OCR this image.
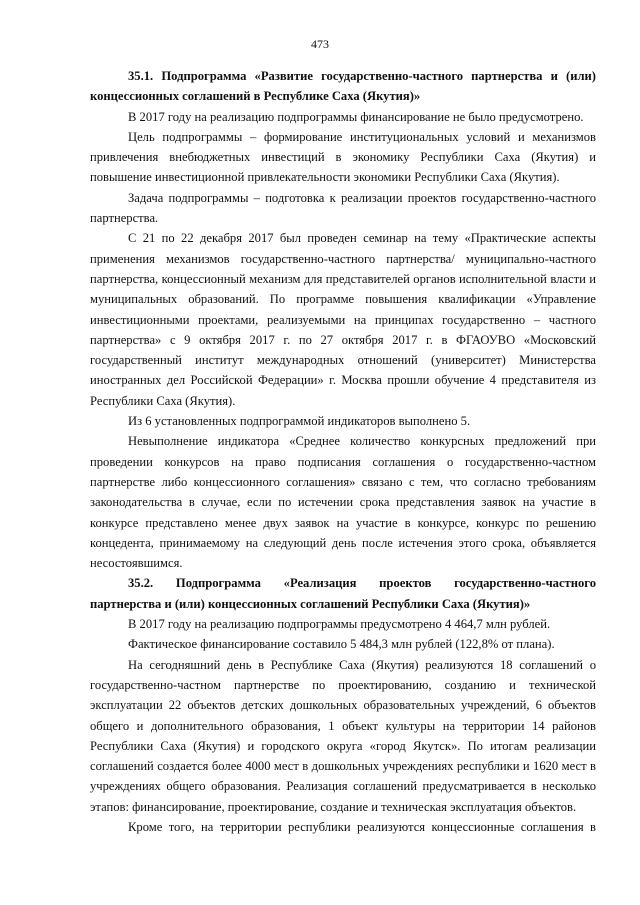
473

35.1. Подпрограмма «Развитие государственно-частного партнерства и (или) концессионных соглашений в Республике Саха (Якутия)»

В 2017 году на реализацию подпрограммы финансирование не было предусмотрено.

Цель подпрограммы – формирование институциональных условий и механизмов привлечения внебюджетных инвестиций в экономику Республики Саха (Якутия) и повышение инвестиционной привлекательности экономики Республики Саха (Якутия).

Задача подпрограммы – подготовка к реализации проектов государственно-частного партнерства.

С 21 по 22 декабря 2017 был проведен семинар на тему «Практические аспекты применения механизмов государственно-частного партнерства/ муниципально-частного партнерства, концессионный механизм для представителей органов исполнительной власти и муниципальных образований. По программе повышения квалификации «Управление инвестиционными проектами, реализуемыми на принципах государственно – частного партнерства» с 9 октября 2017 г. по 27 октября 2017 г. в ФГАОУВО «Московский государственный институт международных отношений (университет) Министерства иностранных дел Российской Федерации» г. Москва прошли обучение 4 представителя из Республики Саха (Якутия).

Из 6 установленных подпрограммой индикаторов выполнено 5.

Невыполнение индикатора «Среднее количество конкурсных предложений при проведении конкурсов на право подписания соглашения о государственно-частном партнерстве либо концессионного соглашения» связано с тем, что согласно требованиям законодательства в случае, если по истечении срока представления заявок на участие в конкурсе представлено менее двух заявок на участие в конкурсе, конкурс по решению концедента, принимаемому на следующий день после истечения этого срока, объявляется несостоявшимся.

35.2. Подпрограмма «Реализация проектов государственно-частного

партнерства и (или) концессионных соглашений Республики Саха (Якутия)»

В 2017 году на реализацию подпрограммы предусмотрено 4 464,7 млн рублей.

Фактическое финансирование составило 5 484,3 млн рублей (122,8% от плана).

На сегодняшний день в Республике Саха (Якутия) реализуются 18 соглашений о государственно-частном партнерстве по проектированию, созданию и технической эксплуатации 22 объектов детских дошкольных образовательных учреждений, 6 объектов общего и дополнительного образования, 1 объект культуры на территории 14 районов Республики Саха (Якутия) и городского округа «город Якутск». По итогам реализации соглашений создается более 4000 мест в дошкольных учреждениях республики и 1620 мест в учреждениях общего образования. Реализация соглашений предусматривается в несколько этапов: финансирование, проектирование, создание и техническая эксплуатация объектов.

Кроме того, на территории республики реализуются концессионные соглашения в
